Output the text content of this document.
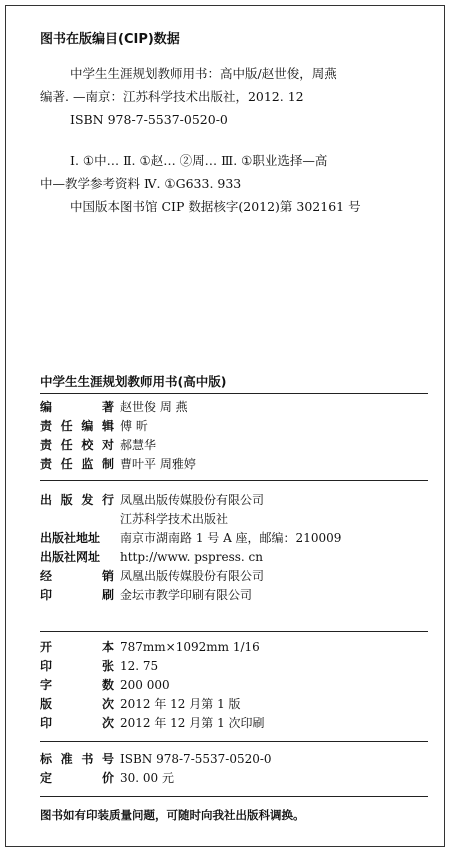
图书在版编目(CIP)数据

中学生生涯规划教师用书：高中版/赵世俊，周燕

编著. —南京：江苏科学技术出版社，2012. 12

ISBN 978-7-5537-0520-0

Ⅰ. ①中… Ⅱ. ①赵… ②周… Ⅲ. ①职业选择—高

中—教学参考资料 Ⅳ. ①G633. 933

中国版本图书馆 CIP 数据核字(2012)第 302161 号

中学生生涯规划教师用书(高中版)
编	著 赵世俊 周 燕
责 任 编 辑 傅 昕
责 任 校 对 郝慧华
责 任 监 制 曹叶平 周雅婷
出 版 发 行 凤凰出版传媒股份有限公司
江苏科学技术出版社
出版社地址 南京市湖南路 1 号 A 座，邮编：210009
出版社网址 http://www. pspress. cn
经	销 凤凰出版传媒股份有限公司
印	刷 金坛市教学印刷有限公司
开	本 787mm×1092mm 1/16
印	张 12. 75
字	数 200 000
版	次 2012 年 12 月第 1 版
印	次 2012 年 12 月第 1 次印刷
标 准 书 号 ISBN 978-7-5537-0520-0
定	价 30. 00 元
图书如有印装质量问题，可随时向我社出版科调换。
